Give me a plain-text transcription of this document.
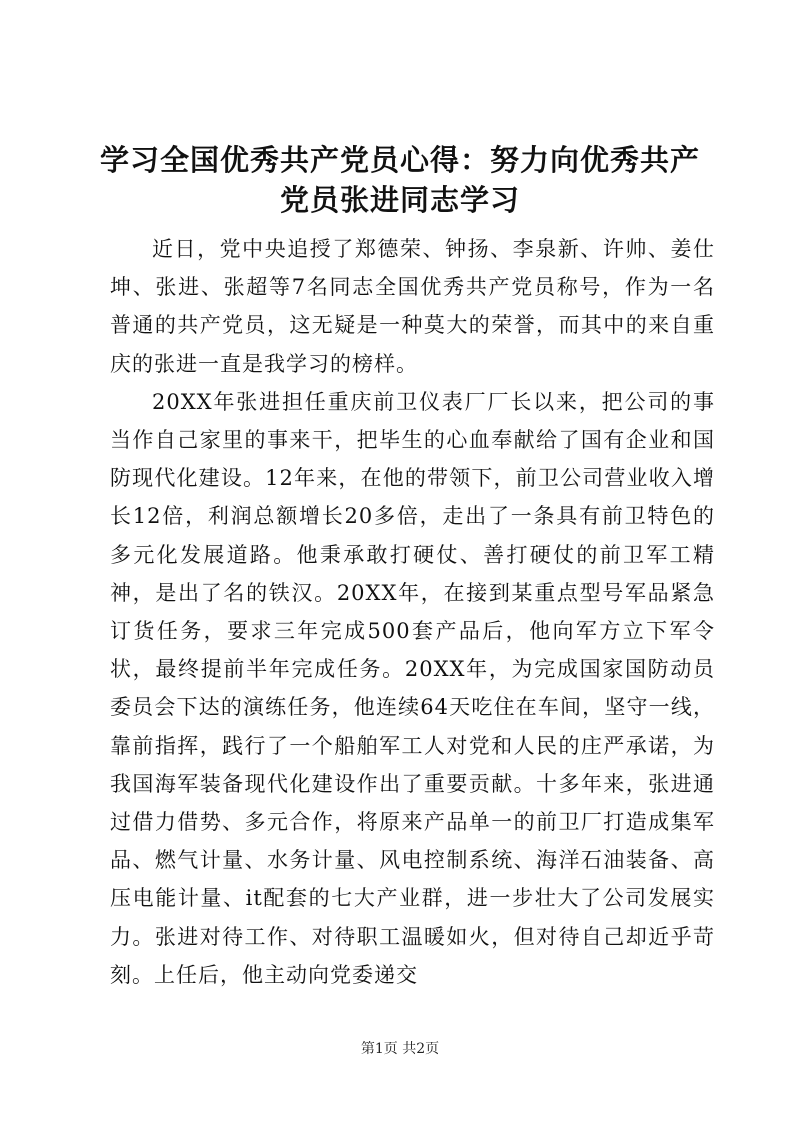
学习全国优秀共产党员心得：努力向优秀共产
党员张进同志学习

近日，党中央追授了郑德荣、钟扬、李泉新、许帅、姜仕坤、张进、张超等7名同志全国优秀共产党员称号，作为一名普通的共产党员，这无疑是一种莫大的荣誉，而其中的来自重庆的张进一直是我学习的榜样。

20XX年张进担任重庆前卫仪表厂厂长以来，把公司的事当作自己家里的事来干，把毕生的心血奉献给了国有企业和国防现代化建设。12年来，在他的带领下，前卫公司营业收入增长12倍，利润总额增长20多倍，走出了一条具有前卫特色的多元化发展道路。他秉承敢打硬仗、善打硬仗的前卫军工精神，是出了名的铁汉。20XX年，在接到某重点型号军品紧急订货任务，要求三年完成500套产品后，他向军方立下军令状，最终提前半年完成任务。20XX年，为完成国家国防动员委员会下达的演练任务，他连续64天吃住在车间，坚守一线，靠前指挥，践行了一个船舶军工人对党和人民的庄严承诺，为我国海军装备现代化建设作出了重要贡献。十多年来，张进通过借力借势、多元合作，将原来产品单一的前卫厂打造成集军品、燃气计量、水务计量、风电控制系统、海洋石油装备、高压电能计量、it配套的七大产业群，进一步壮大了公司发展实力。张进对待工作、对待职工温暖如火，但对待自己却近乎苛刻。上任后，他主动向党委递交

第1页 共2页
